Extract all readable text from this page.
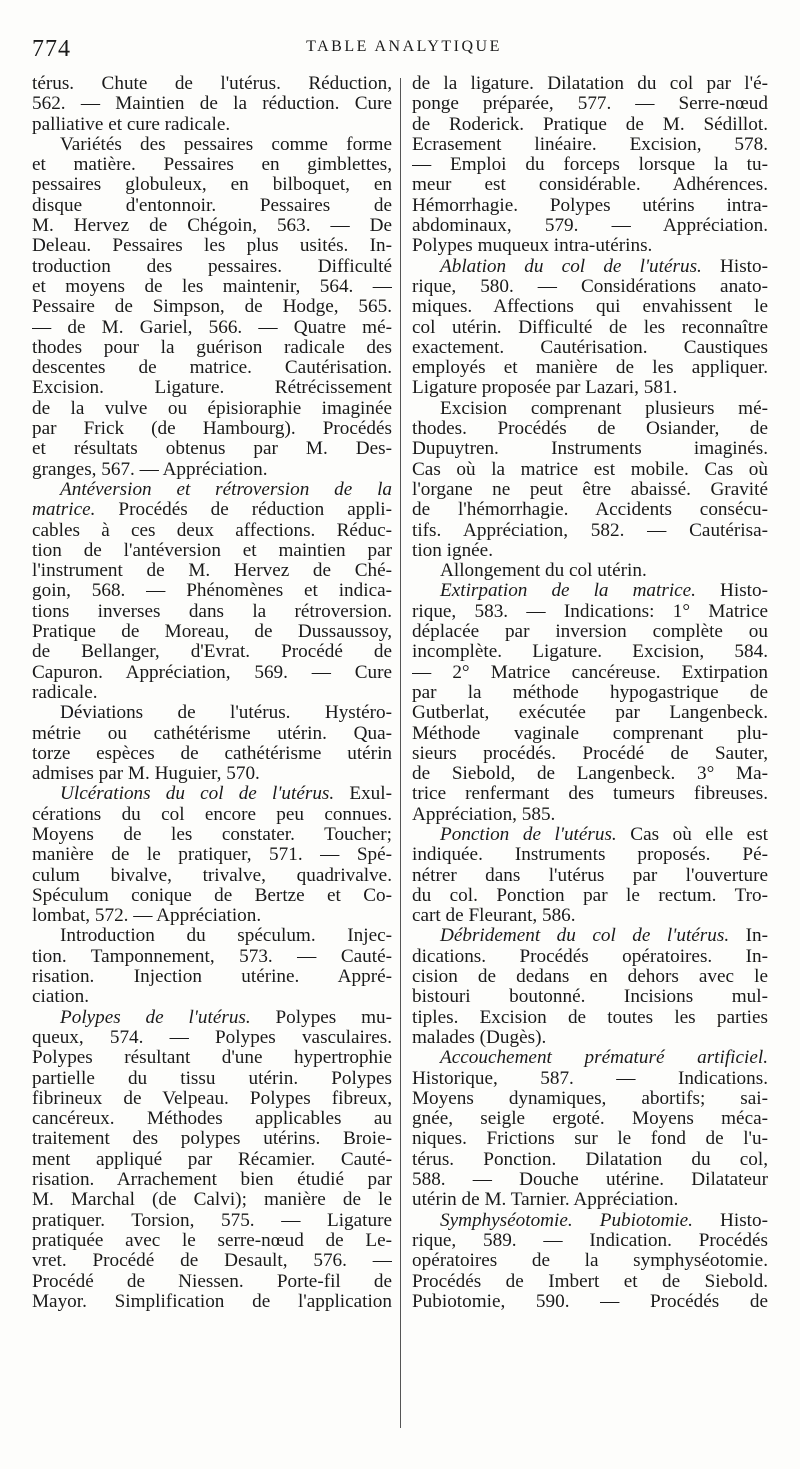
774	TABLE ANALYTIQUE
térus. Chute de l'utérus. Réduction,
562. — Maintien de la réduction. Cure
palliative et cure radicale.
Variétés des pessaires comme forme
et matière. Pessaires en gimblettes,
pessaires globuleux, en bilboquet, en
disque d'entonnoir. Pessaires de
M. Hervez de Chégoin, 563. — De
Deleau. Pessaires les plus usités. In-
troduction des pessaires. Difficulté
et moyens de les maintenir, 564. —
Pessaire de Simpson, de Hodge, 565.
— de M. Gariel, 566. — Quatre mé-
thodes pour la guérison radicale des
descentes de matrice. Cautérisation.
Excision. Ligature. Rétrécissement
de la vulve ou épisioraphie imaginée
par Frick (de Hambourg). Procédés
et résultats obtenus par M. Des-
granges, 567. — Appréciation.
Antéversion et rétroversion de la
matrice. Procédés de réduction appli-
cables à ces deux affections. Réduc-
tion de l'antéversion et maintien par
l'instrument de M. Hervez de Ché-
goin, 568. — Phénomènes et indica-
tions inverses dans la rétroversion.
Pratique de Moreau, de Dussaussoy,
de Bellanger, d'Evrat. Procédé de
Capuron. Appréciation, 569. — Cure
radicale.
Déviations de l'utérus. Hystéro-
métrie ou cathétérisme utérin. Qua-
torze espèces de cathétérisme utérin
admises par M. Huguier, 570.
Ulcérations du col de l'utérus. Exul-
cérations du col encore peu connues.
Moyens de les constater. Toucher;
manière de le pratiquer, 571. — Spé-
culum bivalve, trivalve, quadrivalve.
Spéculum conique de Bertze et Co-
lombat, 572. — Appréciation.
Introduction du spéculum. Injec-
tion. Tamponnement, 573. — Cauté-
risation. Injection utérine. Appré-
ciation.
Polypes de l'utérus. Polypes mu-
queux, 574. — Polypes vasculaires.
Polypes résultant d'une hypertrophie
partielle du tissu utérin. Polypes
fibrineux de Velpeau. Polypes fibreux,
cancéreux. Méthodes applicables au
traitement des polypes utérins. Broie-
ment appliqué par Récamier. Cauté-
risation. Arrachement bien étudié par
M. Marchal (de Calvi); manière de le
pratiquer. Torsion, 575. — Ligature
pratiquée avec le serre-nœud de Le-
vret. Procédé de Desault, 576. —
Procédé de Niessen. Porte-fil de
Mayor. Simplification de l'application
de la ligature. Dilatation du col par l'é-
ponge préparée, 577. — Serre-nœud
de Roderick. Pratique de M. Sédillot.
Ecrasement linéaire. Excision, 578.
— Emploi du forceps lorsque la tu-
meur est considérable. Adhérences.
Hémorrhagie. Polypes utérins intra-
abdominaux, 579. — Appréciation.
Polypes muqueux intra-utérins.
Ablation du col de l'utérus. Histo-
rique, 580. — Considérations anato-
miques. Affections qui envahissent le
col utérin. Difficulté de les reconnaître
exactement. Cautérisation. Caustiques
employés et manière de les appliquer.
Ligature proposée par Lazari, 581.
Excision comprenant plusieurs mé-
thodes. Procédés de Osiander, de
Dupuytren. Instruments imaginés.
Cas où la matrice est mobile. Cas où
l'organe ne peut être abaissé. Gravité
de l'hémorrhagie. Accidents consécu-
tifs. Appréciation, 582. — Cautérisa-
tion ignée.
Allongement du col utérin.
Extirpation de la matrice. Histo-
rique, 583. — Indications: 1° Matrice
déplacée par inversion complète ou
incomplète. Ligature. Excision, 584.
— 2° Matrice cancéreuse. Extirpation
par la méthode hypogastrique de
Gutberlat, exécutée par Langenbeck.
Méthode vaginale comprenant plu-
sieurs procédés. Procédé de Sauter,
de Siebold, de Langenbeck. 3° Ma-
trice renfermant des tumeurs fibreuses.
Appréciation, 585.
Ponction de l'utérus. Cas où elle est
indiquée. Instruments proposés. Pé-
nétrer dans l'utérus par l'ouverture
du col. Ponction par le rectum. Tro-
cart de Fleurant, 586.
Débridement du col de l'utérus. In-
dications. Procédés opératoires. In-
cision de dedans en dehors avec le
bistouri boutonné. Incisions mul-
tiples. Excision de toutes les parties
malades (Dugès).
Accouchement prématuré artificiel.
Historique, 587. — Indications.
Moyens dynamiques, abortifs; sai-
gnée, seigle ergoté. Moyens méca-
niques. Frictions sur le fond de l'u-
térus. Ponction. Dilatation du col,
588. — Douche utérine. Dilatateur
utérin de M. Tarnier. Appréciation.
Symphyséotomie. Pubiotomie. Histo-
rique, 589. — Indication. Procédés
opératoires de la symphyséotomie.
Procédés de Imbert et de Siebold.
Pubiotomie, 590. — Procédés de
